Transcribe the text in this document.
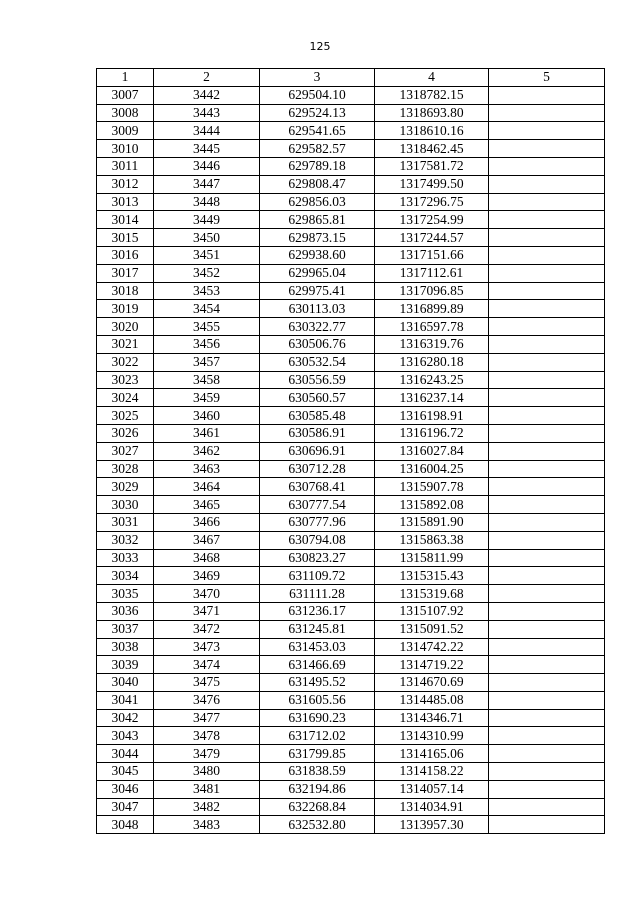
125
1	2	3	4	5
3007	3442	629504.10	1318782.15	
3008	3443	629524.13	1318693.80	
3009	3444	629541.65	1318610.16	
3010	3445	629582.57	1318462.45	
3011	3446	629789.18	1317581.72	
3012	3447	629808.47	1317499.50	
3013	3448	629856.03	1317296.75	
3014	3449	629865.81	1317254.99	
3015	3450	629873.15	1317244.57	
3016	3451	629938.60	1317151.66	
3017	3452	629965.04	1317112.61	
3018	3453	629975.41	1317096.85	
3019	3454	630113.03	1316899.89	
3020	3455	630322.77	1316597.78	
3021	3456	630506.76	1316319.76	
3022	3457	630532.54	1316280.18	
3023	3458	630556.59	1316243.25	
3024	3459	630560.57	1316237.14	
3025	3460	630585.48	1316198.91	
3026	3461	630586.91	1316196.72	
3027	3462	630696.91	1316027.84	
3028	3463	630712.28	1316004.25	
3029	3464	630768.41	1315907.78	
3030	3465	630777.54	1315892.08	
3031	3466	630777.96	1315891.90	
3032	3467	630794.08	1315863.38	
3033	3468	630823.27	1315811.99	
3034	3469	631109.72	1315315.43	
3035	3470	631111.28	1315319.68	
3036	3471	631236.17	1315107.92	
3037	3472	631245.81	1315091.52	
3038	3473	631453.03	1314742.22	
3039	3474	631466.69	1314719.22	
3040	3475	631495.52	1314670.69	
3041	3476	631605.56	1314485.08	
3042	3477	631690.23	1314346.71	
3043	3478	631712.02	1314310.99	
3044	3479	631799.85	1314165.06	
3045	3480	631838.59	1314158.22	
3046	3481	632194.86	1314057.14	
3047	3482	632268.84	1314034.91	
3048	3483	632532.80	1313957.30	
